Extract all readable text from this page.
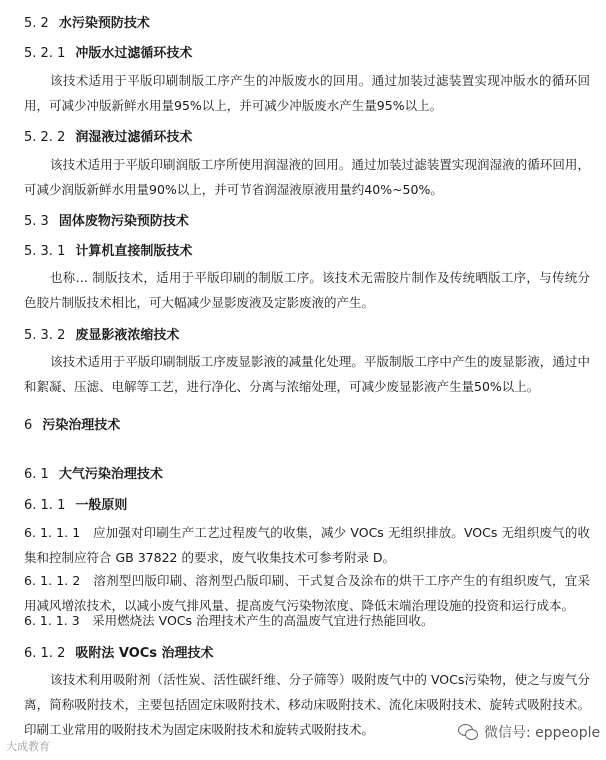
5. 2 水污染预防技术
5. 2. 1 冲版水过滤循环技术
该技术适用于平版印刷制版工序产生的冲版废水的回用。通过加装过滤装置实现冲版水的循环回用，可减少冲版新鲜水用量95%以上，并可减少冲版废水产生量95%以上。
5. 2. 2 润湿液过滤循环技术
该技术适用于平版印刷润版工序所使用润湿液的回用。通过加装过滤装置实现润湿液的循环回用，可减少润版新鲜水用量90%以上，并可节省润湿液原液用量约40%~50%。
5. 3 固体废物污染预防技术
5. 3. 1 计算机直接制版技术
也称… 制版技术，适用于平版印刷的制版工序。该技术无需胶片制作及传统晒版工序，与传统分色胶片制版技术相比，可大幅减少显影废液及定影废液的产生。
5. 3. 2 废显影液浓缩技术
该技术适用于平版印刷制版工序废显影液的减量化处理。平版制版工序中产生的废显影液，通过中和絮凝、压滤、电解等工艺，进行净化、分离与浓缩处理，可减少废显影液产生量50%以上。
6 污染治理技术
6. 1 大气污染治理技术
6. 1. 1 一般原则
6. 1. 1. 1　应加强对印刷生产工艺过程废气的收集，减少 VOCs 无组织排放。VOCs 无组织废气的收集和控制应符合 GB 37822 的要求，废气收集技术可参考附录 D。
6. 1. 1. 2　溶剂型凹版印刷、溶剂型凸版印刷、干式复合及涂布的烘干工序产生的有组织废气，宜采用减风增浓技术，以减小废气排风量、提高废气污染物浓度、降低末端治理设施的投资和运行成本。
6. 1. 1. 3　采用燃烧法 VOCs 治理技术产生的高温废气宜进行热能回收。
6. 1. 2 吸附法 VOCs 治理技术
该技术利用吸附剂（活性炭、活性碳纤维、分子筛等）吸附废气中的 VOCs污染物，使之与废气分离，简称吸附技术，主要包括固定床吸附技术、移动床吸附技术、流化床吸附技术、旋转式吸附技术。印刷工业常用的吸附技术为固定床吸附技术和旋转式吸附技术。
大成教育
微信号: eppeople
